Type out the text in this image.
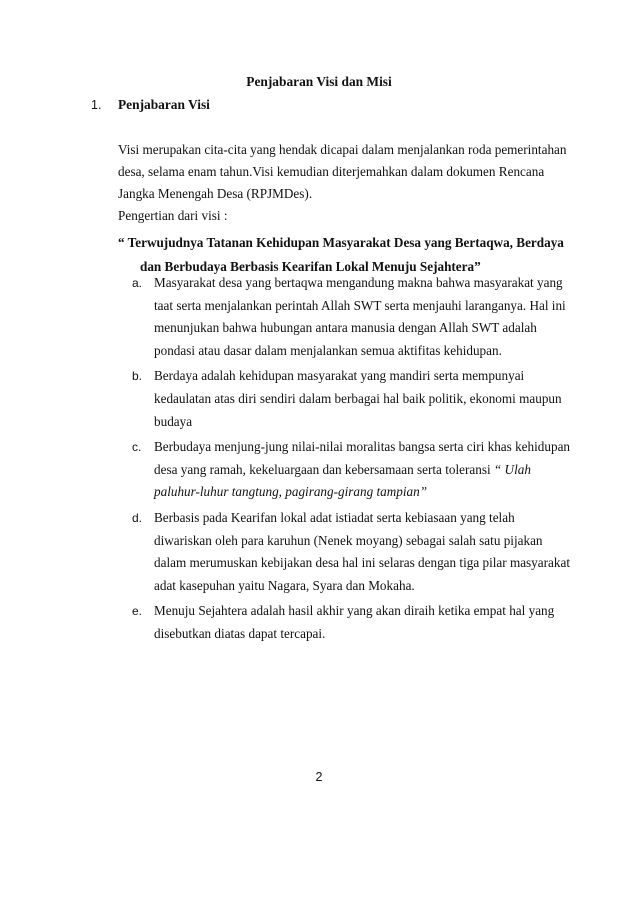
Penjabaran Visi dan Misi
1. Penjabaran Visi
Visi merupakan cita-cita yang hendak dicapai dalam menjalankan roda pemerintahan
desa, selama enam tahun.Visi kemudian diterjemahkan dalam dokumen Rencana
Jangka Menengah Desa (RPJMDes).
Pengertian dari visi :
“ Terwujudnya Tatanan Kehidupan Masyarakat Desa yang Bertaqwa, Berdaya
dan Berbudaya Berbasis Kearifan Lokal Menuju Sejahtera”
a. Masyarakat desa yang bertaqwa mengandung makna bahwa masyarakat yang
taat serta menjalankan perintah Allah SWT serta menjauhi laranganya. Hal ini
menunjukan bahwa hubungan antara manusia dengan Allah SWT adalah
pondasi atau dasar dalam menjalankan semua aktifitas kehidupan.
b. Berdaya adalah kehidupan masyarakat yang mandiri serta mempunyai
kedaulatan atas diri sendiri dalam berbagai hal baik politik, ekonomi maupun
budaya
c. Berbudaya menjung-jung nilai-nilai moralitas bangsa serta ciri khas kehidupan
desa yang ramah, kekeluargaan dan kebersamaan serta toleransi “ Ulah
paluhur-luhur tangtung, pagirang-girang tampian”
d. Berbasis pada Kearifan lokal adat istiadat serta kebiasaan yang telah
diwariskan oleh para karuhun (Nenek moyang) sebagai salah satu pijakan
dalam merumuskan kebijakan desa hal ini selaras dengan tiga pilar masyarakat
adat kasepuhan yaitu Nagara, Syara dan Mokaha.
e. Menuju Sejahtera adalah hasil akhir yang akan diraih ketika empat hal yang
disebutkan diatas dapat tercapai.
2
